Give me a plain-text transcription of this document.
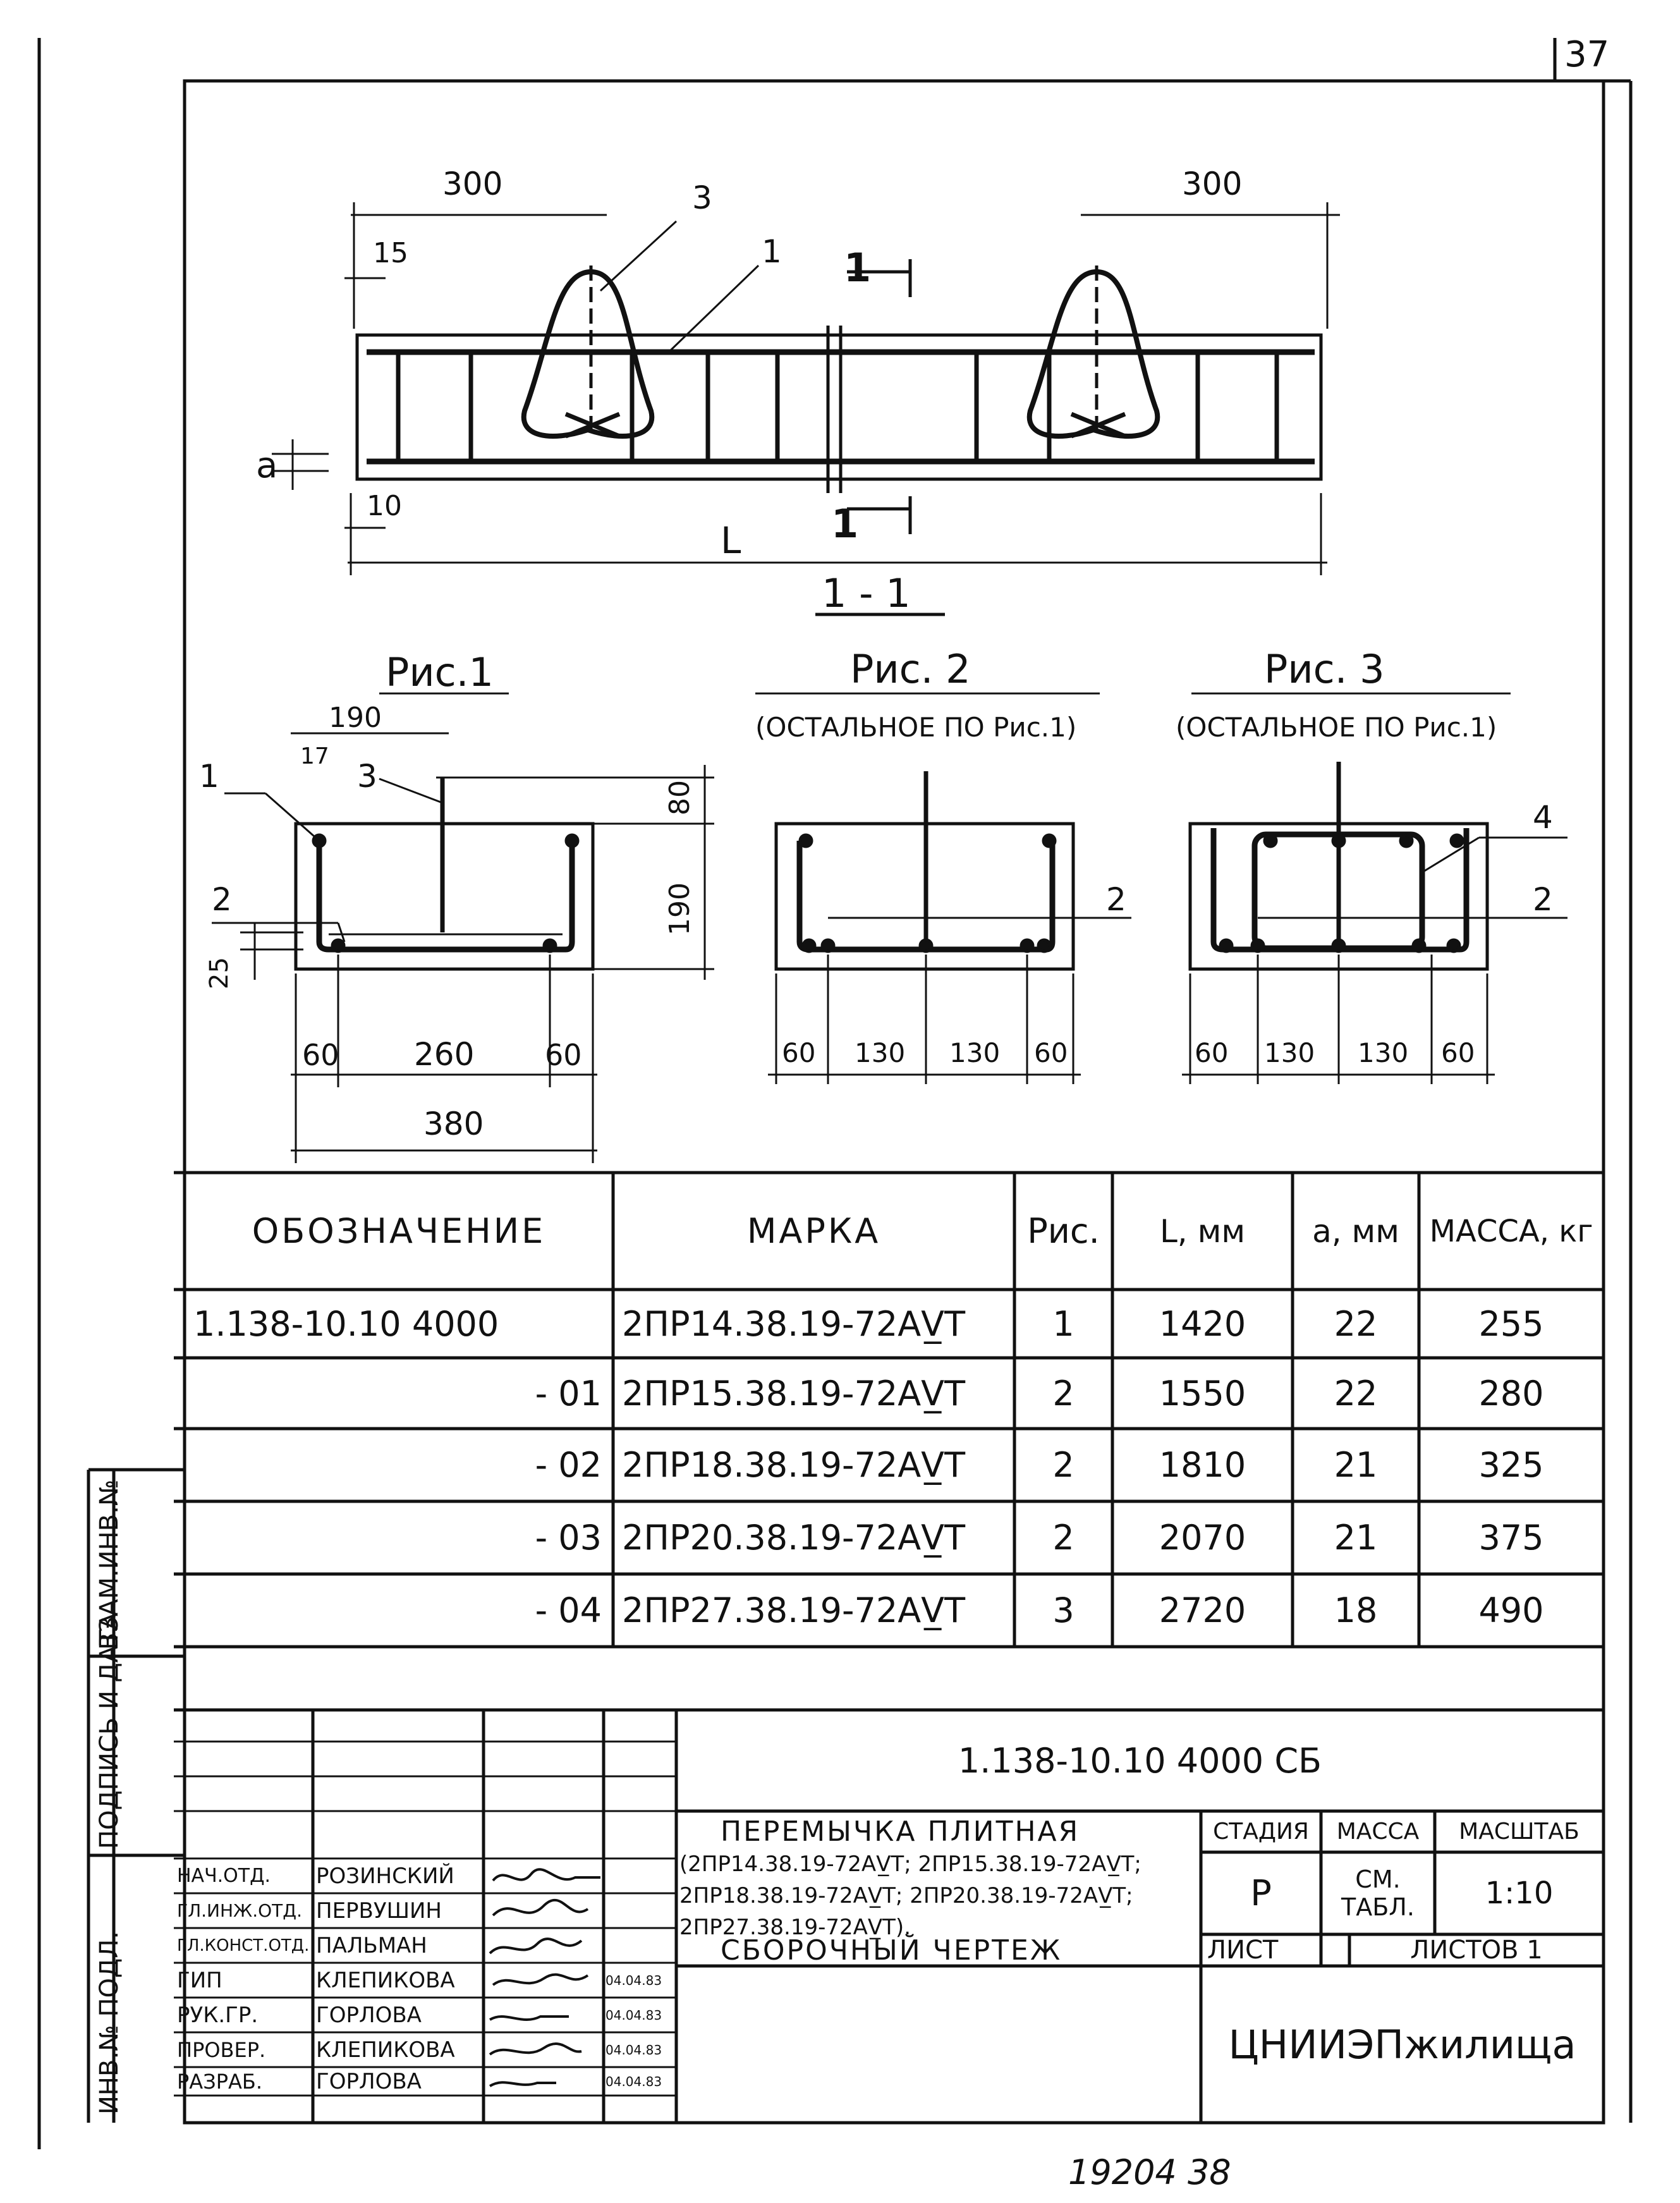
300	300
15
10
a
L
1
3
1
1
1 - 1
Рис.1
190
17
80
190
25
60 260 60
380
1	3
2
Рис. 2
(ОСТАЛЬНОЕ ПО Рис.1)
60 130 130 60
2
Рис. 3
(ОСТАЛЬНОЕ ПО Рис.1)
60 130 130 60
4
2
37
19204 38
ОБОЗНАЧЕНИЕ	МАРКА	Рис.	L, мм	a, мм МАССА, кг
1.138-10.10 4000	2ПР14.38.19-72АV̲Т	1	1420	22	255
- 01 2ПР15.38.19-72АV̲Т	2	1550	22	280
- 02 2ПР18.38.19-72АV̲Т	2	1810	21	325
- 03 2ПР20.38.19-72АV̲Т	2	2070	21	375
- 04 2ПР27.38.19-72АV̲Т	3	2720	18	490
ВЗАМ.ИНВ.№
ПОДПИСЬ И ДАТА
ИНВ.№ ПОДЛ.
1.138-10.10 4000 СБ
ПЕРЕМЫЧКА ПЛИТНАЯ
(2ПР14.38.19-72АV̲Т; 2ПР15.38.19-72АV̲Т;
2ПР18.38.19-72АV̲Т; 2ПР20.38.19-72АV̲Т;
2ПР27.38.19-72АV̲Т).
СБОРОЧНЫЙ ЧЕРТЕЖ
СТАДИЯ	МАССА	МАСШТАБ
Р	СМ. ТАБЛ.	1:10
ЛИСТ	ЛИСТОВ 1
ЦНИИЭПжилища
НАЧ.ОТД.	РОЗИНСКИЙ
ГЛ.ИНЖ.ОТД. ПЕРВУШИН
ГЛ.КОНСТ.ОТД. ПАЛЬМАН
ГИП	КЛЕПИКОВА	04.04.83
РУК.ГР.	ГОРЛОВА	04.04.83
ПРОВЕР.	КЛЕПИКОВА	04.04.83
РАЗРАБ.	ГОРЛОВА	04.04.83
